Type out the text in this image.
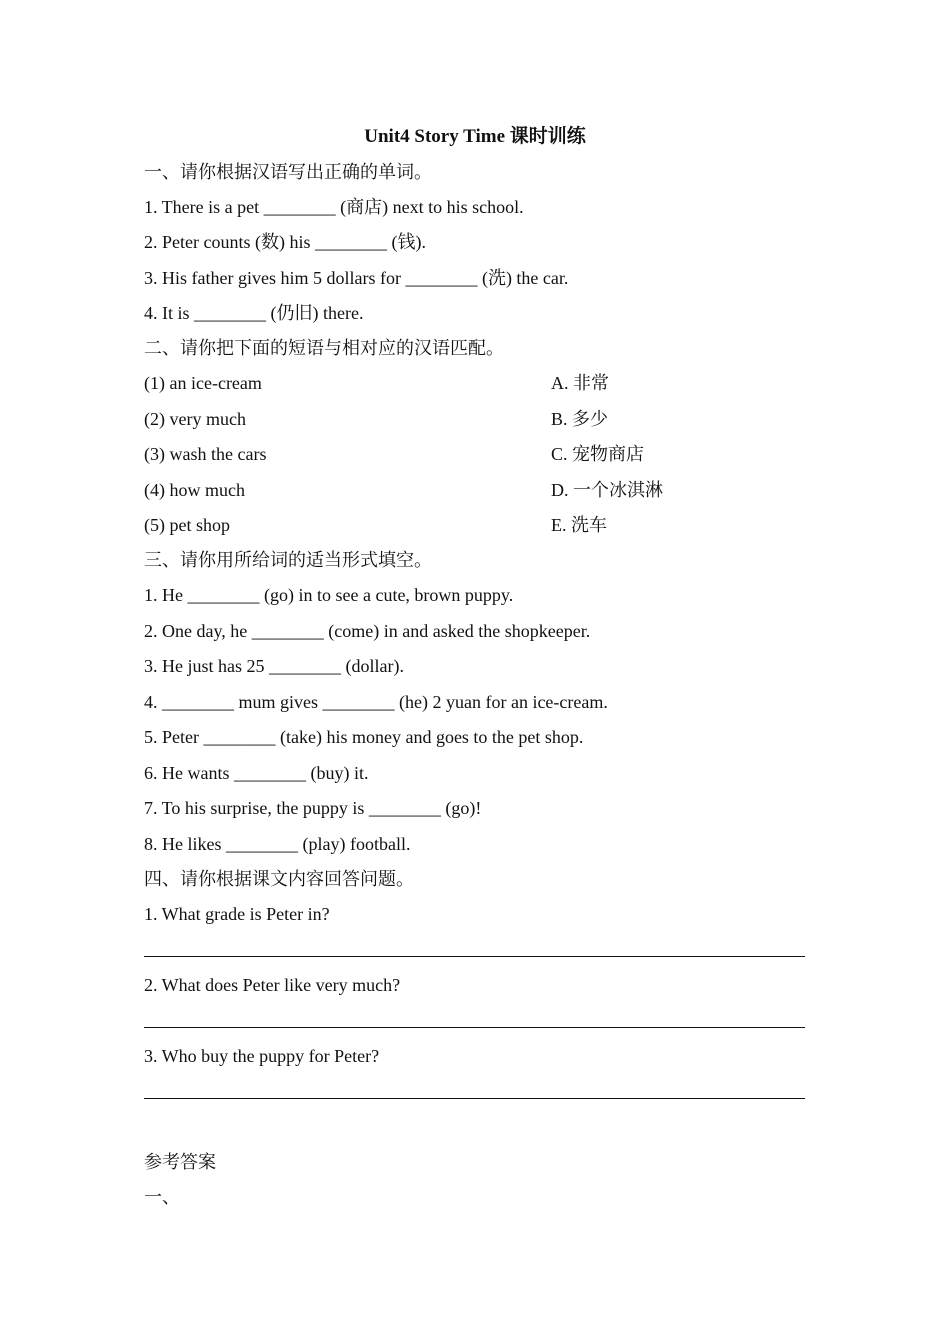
Unit4 Story Time 课时训练
一、请你根据汉语写出正确的单词。
1. There is a pet ________ (商店) next to his school.
2. Peter counts (数) his ________ (钱).
3. His father gives him 5 dollars for ________ (洗) the car.
4. It is ________ (仍旧) there.
二、请你把下面的短语与相对应的汉语匹配。
(1) an ice-cream	A. 非常
(2) very much	B. 多少
(3) wash the cars	C. 宠物商店
(4) how much	D. 一个冰淇淋
(5) pet shop	E. 洗车
三、请你用所给词的适当形式填空。
1. He ________ (go) in to see a cute, brown puppy.
2. One day, he ________ (come) in and asked the shopkeeper.
3. He just has 25 ________ (dollar).
4. ________ mum gives ________ (he) 2 yuan for an ice-cream.
5. Peter ________ (take) his money and goes to the pet shop.
6. He wants ________ (buy) it.
7. To his surprise, the puppy is ________ (go)!
8. He likes ________ (play) football.
四、请你根据课文内容回答问题。
1. What grade is Peter in?
2. What does Peter like very much?
3. Who buy the puppy for Peter?
参考答案
一、
